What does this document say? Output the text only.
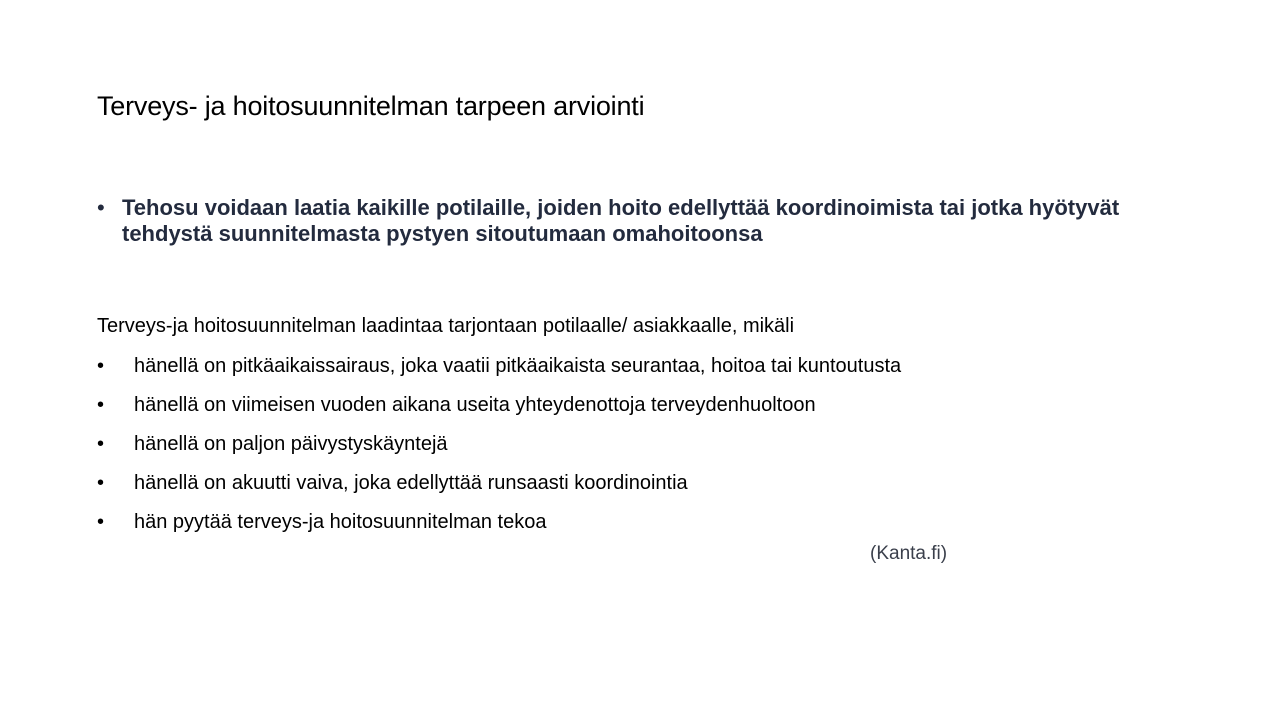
Terveys- ja hoitosuunnitelman tarpeen arviointi
• Tehosu voidaan laatia kaikille potilaille, joiden hoito edellyttää koordinoimista tai jotka hyötyvät tehdystä suunnitelmasta pystyen sitoutumaan omahoitoonsa
Terveys-ja hoitosuunnitelman laadintaa tarjontaan potilaalle/ asiakkaalle, mikäli
• hänellä on pitkäaikaissairaus, joka vaatii pitkäaikaista seurantaa, hoitoa tai kuntoutusta
• hänellä on viimeisen vuoden aikana useita yhteydenottoja terveydenhuoltoon
• hänellä on paljon päivystyskäyntejä
• hänellä on akuutti vaiva, joka edellyttää runsaasti koordinointia
• hän pyytää terveys-ja hoitosuunnitelman tekoa
(Kanta.fi)
